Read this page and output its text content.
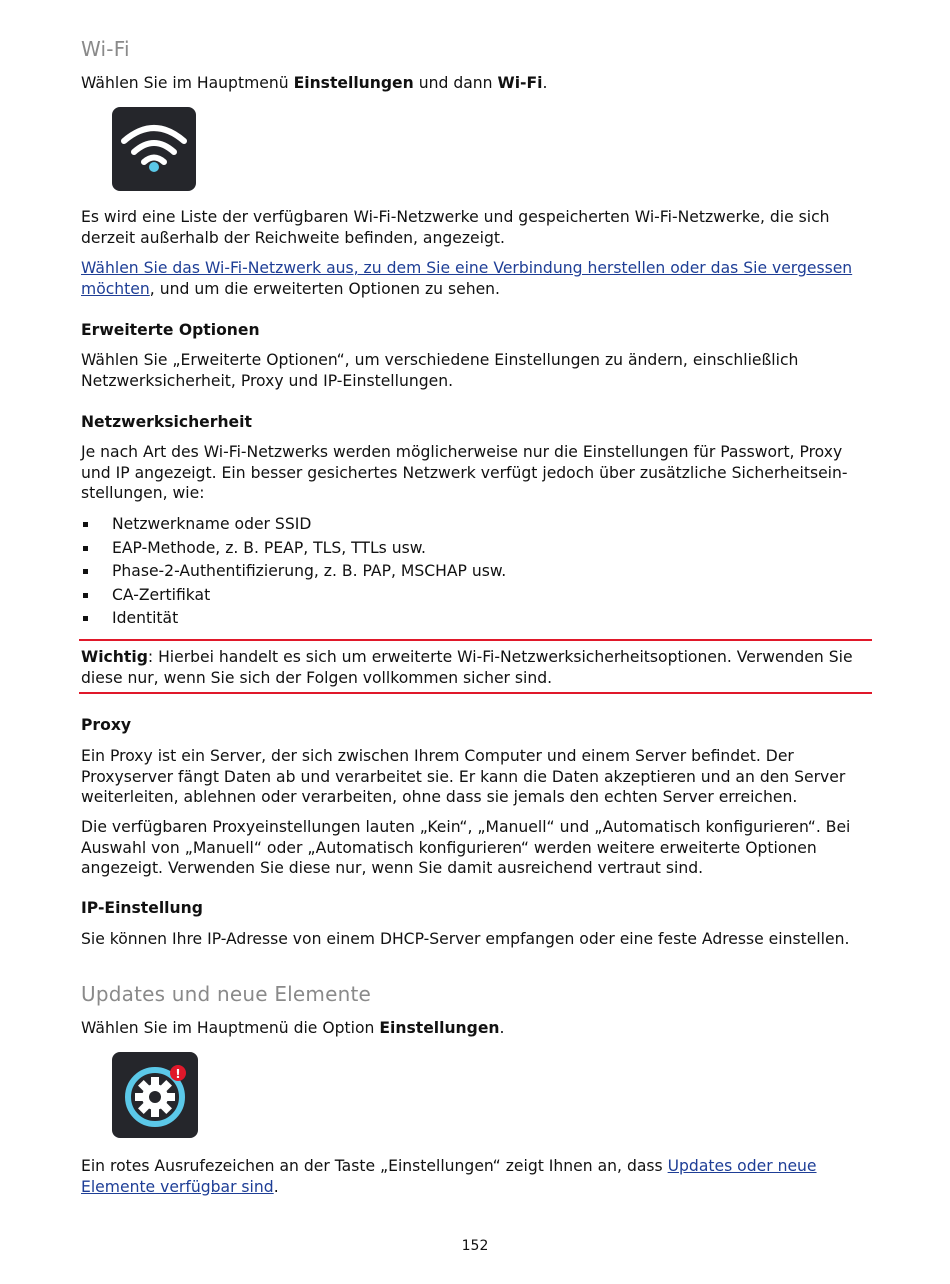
Wi-Fi

Wählen Sie im Hauptmenü Einstellungen und dann Wi-Fi.

Es wird eine Liste der verfügbaren Wi-Fi-Netzwerke und gespeicherten Wi-Fi-Netzwerke, die sich derzeit außerhalb der Reichweite befinden, angezeigt.

Wählen Sie das Wi-Fi-Netzwerk aus, zu dem Sie eine Verbindung herstellen oder das Sie vergessen möchten, und um die erweiterten Optionen zu sehen.

Erweiterte Optionen

Wählen Sie „Erweiterte Optionen“, um verschiedene Einstellungen zu ändern, einschließlich Netzwerksicherheit, Proxy und IP-Einstellungen.

Netzwerksicherheit

Je nach Art des Wi-Fi-Netzwerks werden möglicherweise nur die Einstellungen für Passwort, Proxy und IP angezeigt. Ein besser gesichertes Netzwerk verfügt jedoch über zusätzliche Sicherheitsein-stellungen, wie:

Netzwerkname oder SSID
EAP-Methode, z. B. PEAP, TLS, TTLs usw.
Phase-2-Authentifizierung, z. B. PAP, MSCHAP usw.
CA-Zertifikat
Identität

Wichtig: Hierbei handelt es sich um erweiterte Wi-Fi-Netzwerksicherheitsoptionen. Verwenden Sie diese nur, wenn Sie sich der Folgen vollkommen sicher sind.

Proxy

Ein Proxy ist ein Server, der sich zwischen Ihrem Computer und einem Server befindet. Der Proxyserver fängt Daten ab und verarbeitet sie. Er kann die Daten akzeptieren und an den Server weiterleiten, ablehnen oder verarbeiten, ohne dass sie jemals den echten Server erreichen.

Die verfügbaren Proxyeinstellungen lauten „Kein“, „Manuell“ und „Automatisch konfigurieren“. Bei Auswahl von „Manuell“ oder „Automatisch konfigurieren“ werden weitere erweiterte Optionen angezeigt. Verwenden Sie diese nur, wenn Sie damit ausreichend vertraut sind.

IP-Einstellung

Sie können Ihre IP-Adresse von einem DHCP-Server empfangen oder eine feste Adresse einstellen.

Updates und neue Elemente

Wählen Sie im Hauptmenü die Option Einstellungen.

!

Ein rotes Ausrufezeichen an der Taste „Einstellungen“ zeigt Ihnen an, dass Updates oder neue Elemente verfügbar sind.

152
